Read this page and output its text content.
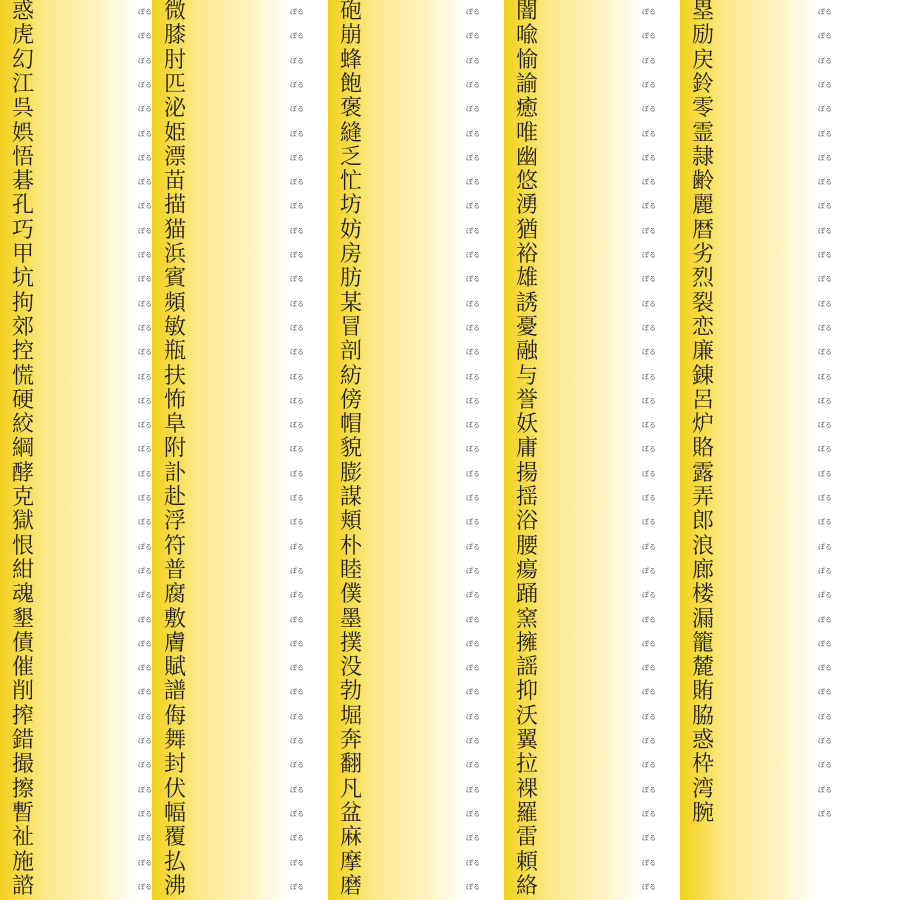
惑	ぼる
虎	ぼる
幻	ぼる
江	ぼる
呉	ぼる
娯	ぼる
悟	ぼる
碁	ぼる
孔	ぼる
巧	ぼる
甲	ぼる
坑	ぼる
拘	ぼる
郊	ぼる
控	ぼる
慌	ぼる
硬	ぼる
絞	ぼる
綱	ぼる
酵	ぼる
克	ぼる
獄	ぼる
恨	ぼる
紺	ぼる
魂	ぼる
墾	ぼる
債	ぼる
催	ぼる
削	ぼる
搾	ぼる
錯	ぼる
撮	ぼる
擦	ぼる
暫	ぼる
祉	ぼる
施	ぼる
諮	ぼる
微	ぼる
膝	ぼる
肘	ぼる
匹	ぼる
泌	ぼる
姫	ぼる
漂	ぼる
苗	ぼる
描	ぼる
猫	ぼる
浜	ぼる
賓	ぼる
頻	ぼる
敏	ぼる
瓶	ぼる
扶	ぼる
怖	ぼる
阜	ぼる
附	ぼる
訃	ぼる
赴	ぼる
浮	ぼる
符	ぼる
普	ぼる
腐	ぼる
敷	ぼる
膚	ぼる
賦	ぼる
譜	ぼる
侮	ぼる
舞	ぼる
封	ぼる
伏	ぼる
幅	ぼる
覆	ぼる
払	ぼる
沸	ぼる
砲	ぼる
崩	ぼる
蜂	ぼる
飽	ぼる
褒	ぼる
縫	ぼる
乏	ぼる
忙	ぼる
坊	ぼる
妨	ぼる
房	ぼる
肪	ぼる
某	ぼる
冒	ぼる
剖	ぼる
紡	ぼる
傍	ぼる
帽	ぼる
貌	ぼる
膨	ぼる
謀	ぼる
頬	ぼる
朴	ぼる
睦	ぼる
僕	ぼる
墨	ぼる
撲	ぼる
没	ぼる
勃	ぼる
堀	ぼる
奔	ぼる
翻	ぼる
凡	ぼる
盆	ぼる
麻	ぼる
摩	ぼる
磨	ぼる
闇	ぼる
喩	ぼる
愉	ぼる
諭	ぼる
癒	ぼる
唯	ぼる
幽	ぼる
悠	ぼる
湧	ぼる
猶	ぼる
裕	ぼる
雄	ぼる
誘	ぼる
憂	ぼる
融	ぼる
与	ぼる
誉	ぼる
妖	ぼる
庸	ぼる
揚	ぼる
揺	ぼる
浴	ぼる
腰	ぼる
瘍	ぼる
踊	ぼる
窯	ぼる
擁	ぼる
謡	ぼる
抑	ぼる
沃	ぼる
翼	ぼる
拉	ぼる
裸	ぼる
羅	ぼる
雷	ぼる
頼	ぼる
絡	ぼる
塁	ぼる
励	ぼる
戻	ぼる
鈴	ぼる
零	ぼる
霊	ぼる
隷	ぼる
齢	ぼる
麗	ぼる
暦	ぼる
劣	ぼる
烈	ぼる
裂	ぼる
恋	ぼる
廉	ぼる
錬	ぼる
呂	ぼる
炉	ぼる
賂	ぼる
露	ぼる
弄	ぼる
郎	ぼる
浪	ぼる
廊	ぼる
楼	ぼる
漏	ぼる
籠	ぼる
麓	ぼる
賄	ぼる
脇	ぼる
惑	ぼる
枠	ぼる
湾	ぼる
腕	ぼる
